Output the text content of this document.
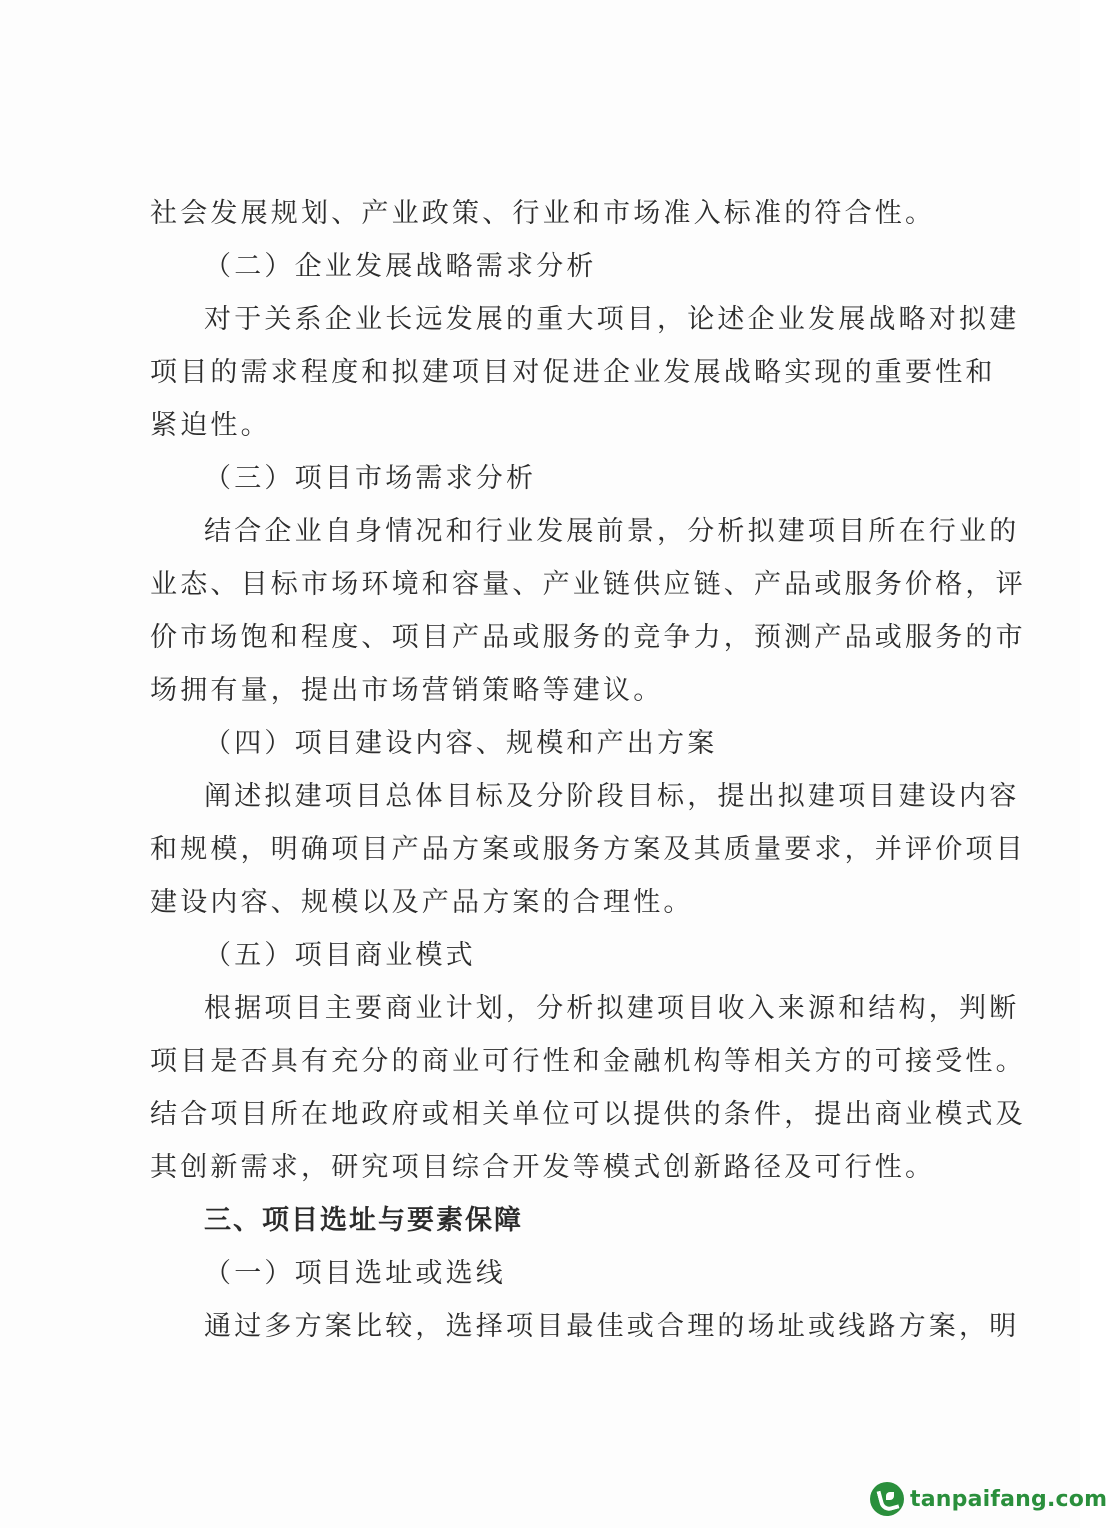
社会发展规划、产业政策、行业和市场准入标准的符合性。
（二）企业发展战略需求分析
对于关系企业长远发展的重大项目，论述企业发展战略对拟建
项目的需求程度和拟建项目对促进企业发展战略实现的重要性和
紧迫性。
（三）项目市场需求分析
结合企业自身情况和行业发展前景，分析拟建项目所在行业的
业态、目标市场环境和容量、产业链供应链、产品或服务价格，评
价市场饱和程度、项目产品或服务的竞争力，预测产品或服务的市
场拥有量，提出市场营销策略等建议。
（四）项目建设内容、规模和产出方案
阐述拟建项目总体目标及分阶段目标，提出拟建项目建设内容
和规模，明确项目产品方案或服务方案及其质量要求，并评价项目
建设内容、规模以及产品方案的合理性。
（五）项目商业模式
根据项目主要商业计划，分析拟建项目收入来源和结构，判断
项目是否具有充分的商业可行性和金融机构等相关方的可接受性。
结合项目所在地政府或相关单位可以提供的条件，提出商业模式及
其创新需求，研究项目综合开发等模式创新路径及可行性。
三、项目选址与要素保障
（一）项目选址或选线
通过多方案比较，选择项目最佳或合理的场址或线路方案，明
tanpaifang.com
